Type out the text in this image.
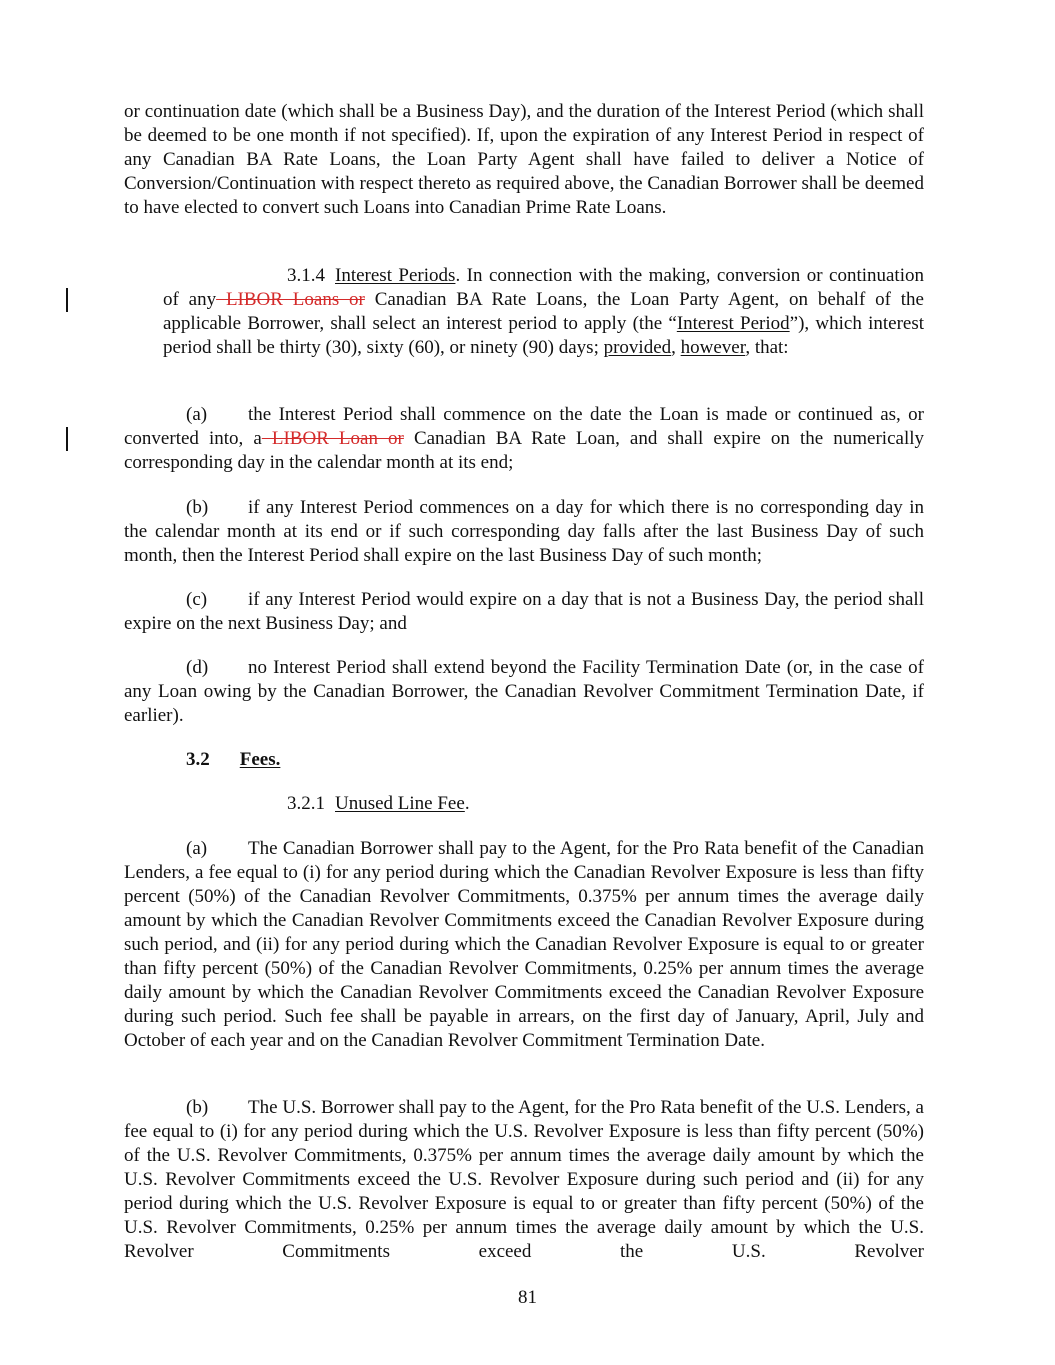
or continuation date (which shall be a Business Day), and the duration of the Interest Period (which shall be deemed to be one month if not specified). If, upon the expiration of any Interest Period in respect of any Canadian BA Rate Loans, the Loan Party Agent shall have failed to deliver a Notice of Conversion/Continuation with respect thereto as required above, the Canadian Borrower shall be deemed to have elected to convert such Loans into Canadian Prime Rate Loans.

3.1.4 Interest Periods. In connection with the making, conversion or continuation of any LIBOR Loans or Canadian BA Rate Loans, the Loan Party Agent, on behalf of the applicable Borrower, shall select an interest period to apply (the “Interest Period”), which interest period shall be thirty (30), sixty (60), or ninety (90) days; provided, however, that:

(a) the Interest Period shall commence on the date the Loan is made or continued as, or converted into, a LIBOR Loan or Canadian BA Rate Loan, and shall expire on the numerically corresponding day in the calendar month at its end;

(b) if any Interest Period commences on a day for which there is no corresponding day in the calendar month at its end or if such corresponding day falls after the last Business Day of such month, then the Interest Period shall expire on the last Business Day of such month;

(c) if any Interest Period would expire on a day that is not a Business Day, the period shall expire on the next Business Day; and

(d) no Interest Period shall extend beyond the Facility Termination Date (or, in the case of any Loan owing by the Canadian Borrower, the Canadian Revolver Commitment Termination Date, if earlier).

3.2 Fees.
3.2.1 Unused Line Fee.

(a) The Canadian Borrower shall pay to the Agent, for the Pro Rata benefit of the Canadian Lenders, a fee equal to (i) for any period during which the Canadian Revolver Exposure is less than fifty percent (50%) of the Canadian Revolver Commitments, 0.375% per annum times the average daily amount by which the Canadian Revolver Commitments exceed the Canadian Revolver Exposure during such period, and (ii) for any period during which the Canadian Revolver Exposure is equal to or greater than fifty percent (50%) of the Canadian Revolver Commitments, 0.25% per annum times the average daily amount by which the Canadian Revolver Commitments exceed the Canadian Revolver Exposure during such period. Such fee shall be payable in arrears, on the first day of January, April, July and October of each year and on the Canadian Revolver Commitment Termination Date.

(b) The U.S. Borrower shall pay to the Agent, for the Pro Rata benefit of the U.S. Lenders, a fee equal to (i) for any period during which the U.S. Revolver Exposure is less than fifty percent (50%) of the U.S. Revolver Commitments, 0.375% per annum times the average daily amount by which the U.S. Revolver Commitments exceed the U.S. Revolver Exposure during such period and (ii) for any period during which the U.S. Revolver Exposure is equal to or greater than fifty percent (50%) of the U.S. Revolver Commitments, 0.25% per annum times the average daily amount by which the U.S. Revolver Commitments exceed the U.S. Revolver

81
